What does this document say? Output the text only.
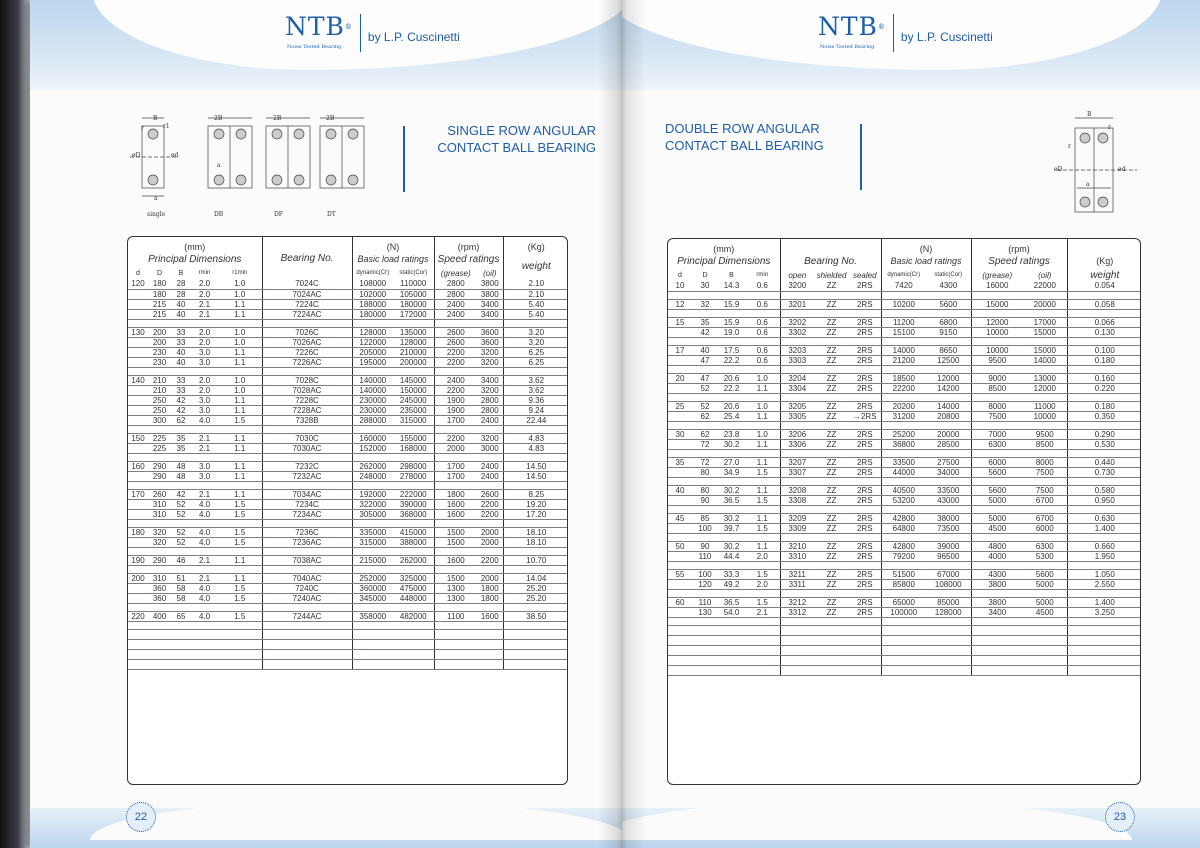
NTB®
Noise Tested Bearing
by L.P. Cuscinetti
B	2B	2B	2B
øD	ød
r	r1
a
a
single	DB	DF	DT
SINGLE ROW ANGULAR
CONTACT BALL BEARING
(mm)					Bearing No.	(N)		(rpm)		(Kg)
Principal Dimensions						Basic load ratings		Speed ratings		weight
d	D	B	rmin	r1min		dynamic(Cr)	static(Cor)	(grease)	(oil)	
120	180	28	2.0	1.0	7024C	108000	110000	2800	3800	2.10
	180	28	2.0	1.0	7024AC	102000	105000	2800	3800	2.10
	215	40	2.1	1.1	7224C	188000	180000	2400	3400	5.40
	215	40	2.1	1.1	7224AC	180000	172000	2400	3400	5.40

130	200	33	2.0	1.0	7026C	128000	135000	2600	3600	3.20
	200	33	2.0	1.0	7026AC	122000	128000	2600	3600	3.20
	230	40	3.0	1.1	7226C	205000	210000	2200	3200	6.25
	230	40	3.0	1.1	7226AC	195000	200000	2200	3200	6.25

140	210	33	2.0	1.0	7028C	140000	145000	2400	3400	3.62
	210	33	2.0	1.0	7028AC	140000	150000	2200	3200	3.62
	250	42	3.0	1.1	7228C	230000	245000	1900	2800	9.36
	250	42	3.0	1.1	7228AC	230000	235000	1900	2800	9.24
	300	62	4.0	1.5	7328B	288000	315000	1700	2400	22.44

150	225	35	2.1	1.1	7030C	160000	155000	2200	3200	4.83
	225	35	2.1	1.1	7030AC	152000	168000	2000	3000	4.83

160	290	48	3.0	1.1	7232C	262000	298000	1700	2400	14.50
	290	48	3.0	1.1	7232AC	248000	278000	1700	2400	14.50

170	260	42	2.1	1.1	7034AC	192000	222000	1800	2600	8.25
	310	52	4.0	1.5	7234C	322000	390000	1600	2200	19.20
	310	52	4.0	1.5	7234AC	305000	368000	1600	2200	17.20

180	320	52	4.0	1.5	7236C	335000	415000	1500	2000	18.10
	320	52	4.0	1.5	7236AC	315000	388000	1500	2000	18.10

190	290	46	2.1	1.1	7038AC	215000	262000	1600	2200	10.70

200	310	51	2.1	1.1	7040AC	252000	325000	1500	2000	14.04
	360	58	4.0	1.5	7240C	360000	475000	1300	1800	25.20
	360	58	4.0	1.5	7240AC	345000	448000	1300	1800	25.20

220	400	65	4.0	1.5	7244AC	358000	482000	1100	1600	38.50

22
NTB®
Noise Tested Bearing
by L.P. Cuscinetti
DOUBLE ROW ANGULAR
CONTACT BALL BEARING
B
øD	ød
r
r
a
(mm)							(N)		(rpm)		(Kg)
Principal Dimensions				Bearing No.			Basic load ratings		Speed ratings		
d	D	B	rmin	open	shielded	sealed	dynamic(Cr)	static(Cor)	(grease)	(oil)	weight
10	30	14.3	0.6	3200	ZZ	2RS	7420	4300	16000	22000	0.054

12	32	15.9	0.6	3201	ZZ	2RS	10200	5600	15000	20000	0.058

15	35	15.9	0.6	3202	ZZ	2RS	11200	6800	12000	17000	0.066
	42	19.0	0.6	3302	ZZ	2RS	15100	9150	10000	15000	0.130

17	40	17.5	0.6	3203	ZZ	2RS	14000	8650	10000	15000	0.100
	47	22.2	0.6	3303	ZZ	2RS	21200	12500	9500	14000	0.180

20	47	20.6	1.0	3204	ZZ	2RS	18500	12000	9000	13000	0.160
	52	22.2	1.1	3304	ZZ	2RS	22200	14200	8500	12000	0.220

25	52	20.6	1.0	3205	ZZ	2RS	20200	14000	8000	11000	0.180
	62	25.4	1.1	3305	ZZ	→2RS	31200	20800	7500	10000	0.350

30	62	23.8	1.0	3206	ZZ	2RS	25200	20000	7000	9500	0.290
	72	30.2	1.1	3306	ZZ	2RS	36800	28500	6300	8500	0.530

35	72	27.0	1.1	3207	ZZ	2RS	33500	27500	6000	8000	0.440
	80	34.9	1.5	3307	ZZ	2RS	44000	34000	5600	7500	0.730

40	80	30.2	1.1	3208	ZZ	2RS	40500	33500	5600	7500	0.580
	90	36.5	1.5	3308	ZZ	2RS	53200	43000	5000	6700	0.950

45	85	30.2	1.1	3209	ZZ	2RS	42800	38000	5000	6700	0.630
	100	39.7	1.5	3309	ZZ	2RS	64800	73500	4500	6000	1.400

50	90	30.2	1.1	3210	ZZ	2RS	42800	39000	4800	6300	0.660
	110	44.4	2.0	3310	ZZ	2RS	79200	96500	4000	5300	1.950

55	100	33.3	1.5	3211	ZZ	2RS	51500	67000	4300	5600	1.050
	120	49.2	2.0	3311	ZZ	2RS	85800	108000	3800	5000	2.550

60	110	36.5	1.5	3212	ZZ	2RS	65000	85000	3800	5000	1.400
	130	54.0	2.1	3312	ZZ	2RS	100000	128000	3400	4500	3.250

23
